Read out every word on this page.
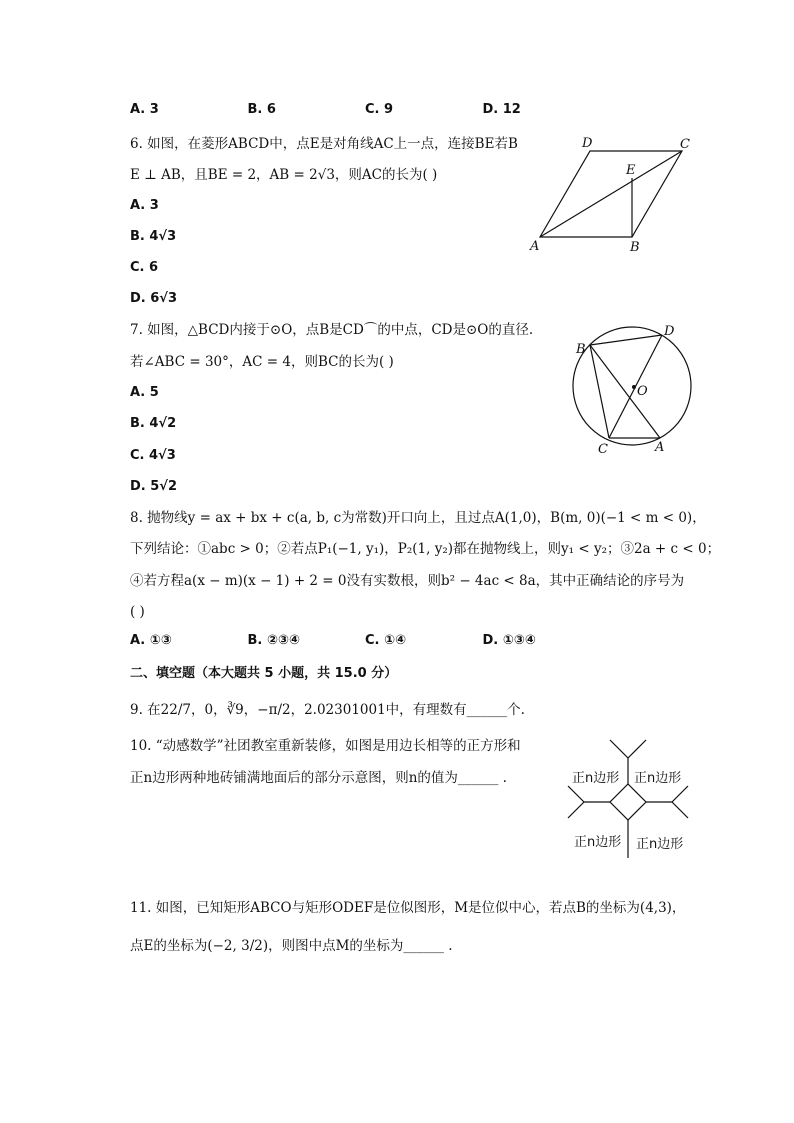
A. 3	B. 6	C. 9	D. 12
6. 如图，在菱形ABCD中，点E是对角线AC上一点，连接BE若B
E ⊥ AB，且BE = 2，AB = 2√3，则AC的长为( )
A. 3
B. 4√3
C. 6
D. 6√3
A	B
C
D
E
7. 如图，△BCD内接于⊙O，点B是CD⌒的中点，CD是⊙O的直径.
若∠ABC = 30°，AC = 4，则BC的长为( )
A. 5
B. 4√2
C. 4√3
D. 5√2
B
C
D
A
O
8. 抛物线y = ax + bx + c(a, b, c为常数)开口向上，且过点A(1,0)，B(m, 0)(−1 < m < 0)，
下列结论：①abc > 0；②若点P₁(−1, y₁)，P₂(1, y₂)都在抛物线上，则y₁ < y₂；③2a + c < 0；
④若方程a(x − m)(x − 1) + 2 = 0没有实数根，则b² − 4ac < 8a，其中正确结论的序号为
( )
A. ①③	B. ②③④	C. ①④	D. ①③④
二、填空题（本大题共 5 小题，共 15.0 分）
9. 在22/7，0，∛9，−π/2，2.02301001中，有理数有______个.
10. “动感数学”社团教室重新装修，如图是用边长相等的正方形和
正n边形两种地砖铺满地面后的部分示意图，则n的值为______ .	正n边形 正n边形
正n边形 正n边形
11. 如图，已知矩形ABCO与矩形ODEF是位似图形，M是位似中心，若点B的坐标为(4,3)，
点E的坐标为(−2, 3/2)，则图中点M的坐标为______ .
